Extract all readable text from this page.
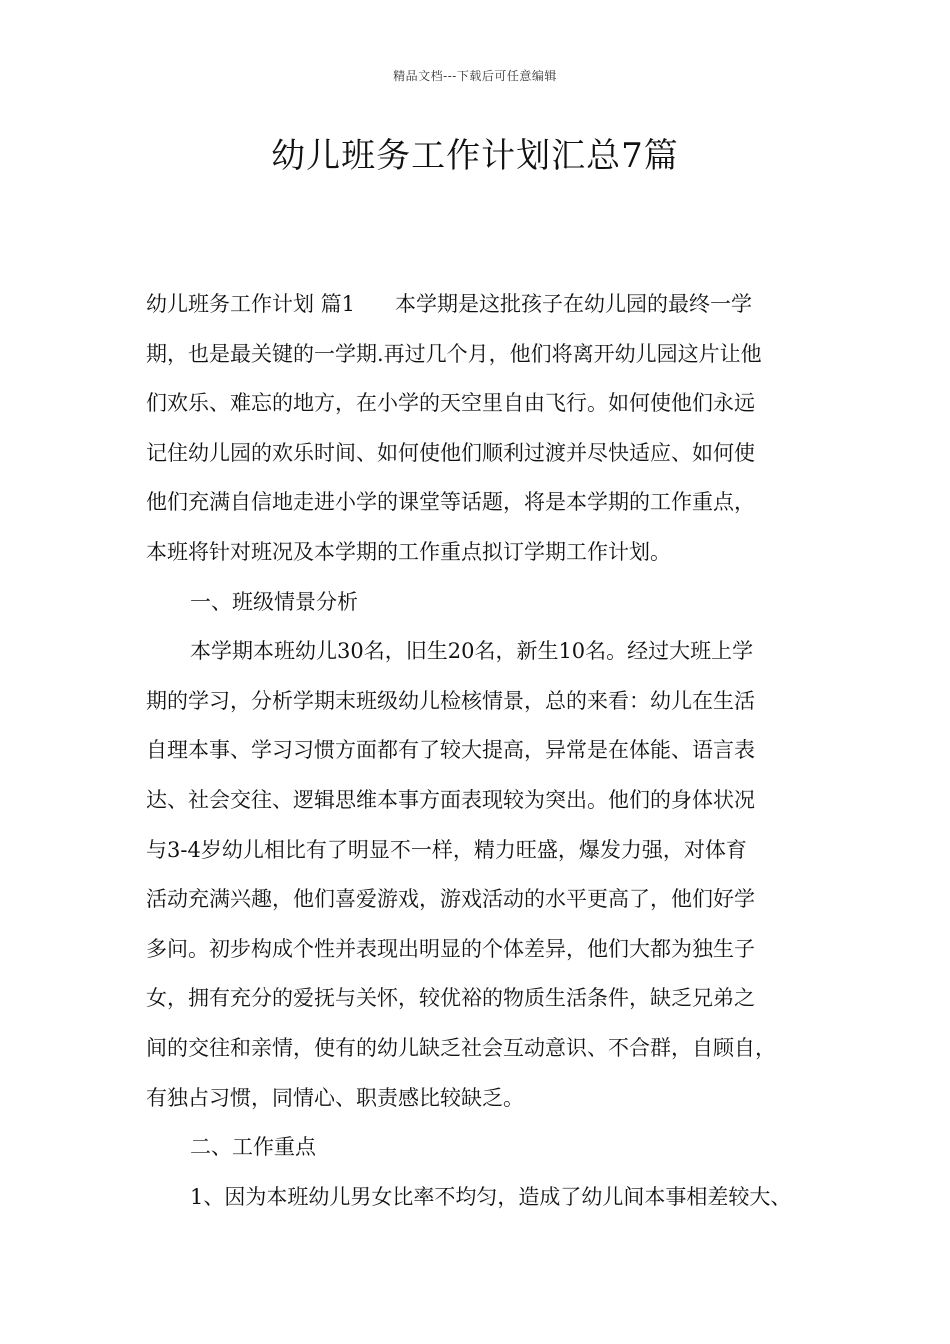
精品文档---下载后可任意编辑
幼儿班务工作计划汇总7篇
幼儿班务工作计划 篇1 本学期是这批孩子在幼儿园的最终一学
期，也是最关键的一学期.再过几个月，他们将离开幼儿园这片让他
们欢乐、难忘的地方，在小学的天空里自由飞行。如何使他们永远
记住幼儿园的欢乐时间、如何使他们顺利过渡并尽快适应、如何使
他们充满自信地走进小学的课堂等话题，将是本学期的工作重点，
本班将针对班况及本学期的工作重点拟订学期工作计划。
一、班级情景分析
本学期本班幼儿30名，旧生20名，新生10名。经过大班上学
期的学习，分析学期末班级幼儿检核情景，总的来看：幼儿在生活
自理本事、学习习惯方面都有了较大提高，异常是在体能、语言表
达、社会交往、逻辑思维本事方面表现较为突出。他们的身体状况
与3-4岁幼儿相比有了明显不一样，精力旺盛，爆发力强，对体育
活动充满兴趣，他们喜爱游戏，游戏活动的水平更高了，他们好学
多问。初步构成个性并表现出明显的个体差异，他们大都为独生子
女，拥有充分的爱抚与关怀，较优裕的物质生活条件，缺乏兄弟之
间的交往和亲情，使有的幼儿缺乏社会互动意识、不合群，自顾自，
有独占习惯，同情心、职责感比较缺乏。
二、工作重点
1、因为本班幼儿男女比率不均匀，造成了幼儿间本事相差较大、
